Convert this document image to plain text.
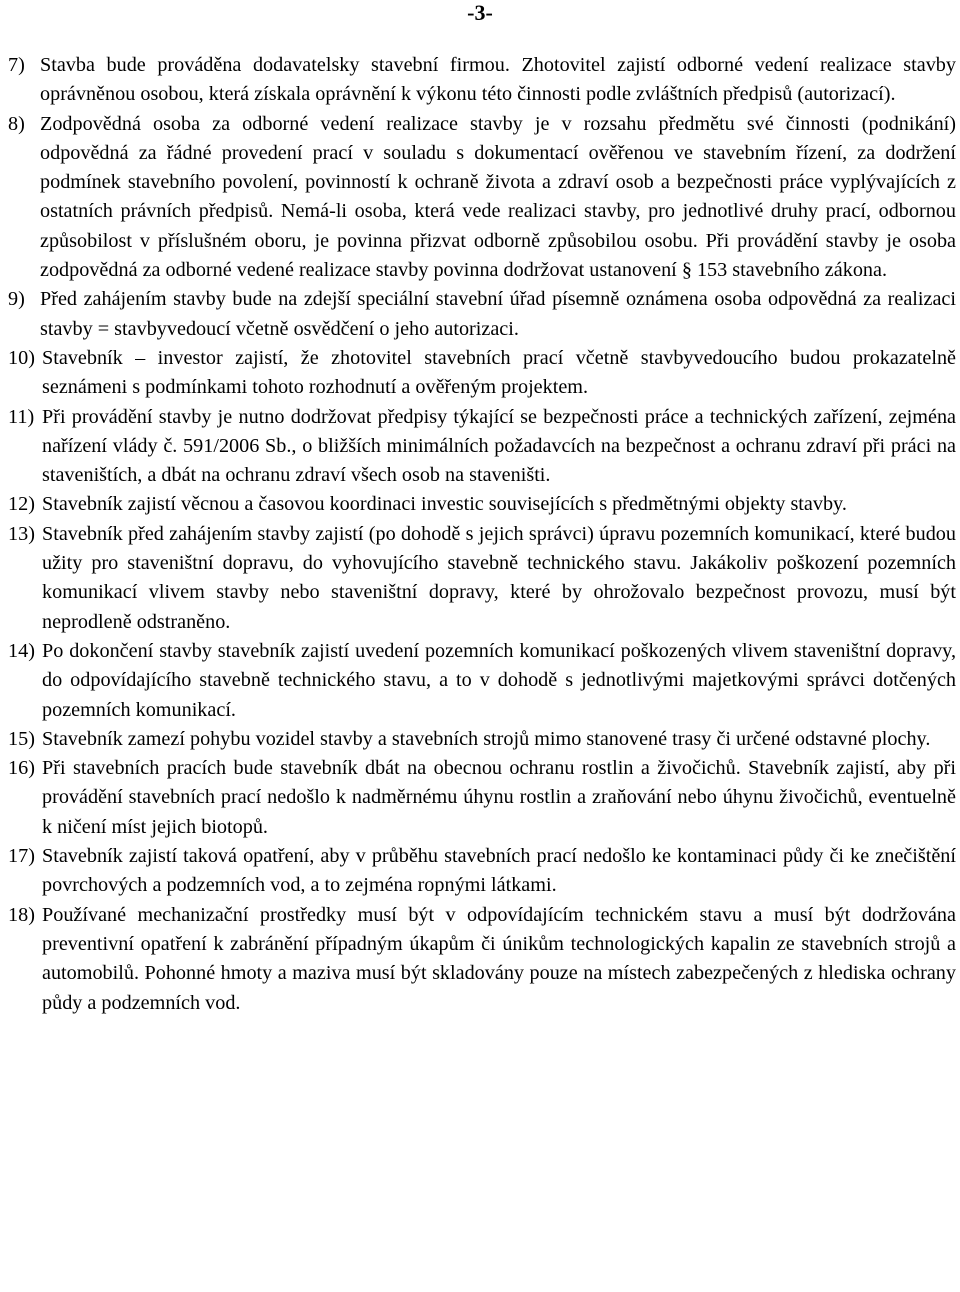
-3-
7) Stavba bude prováděna dodavatelsky stavební firmou. Zhotovitel zajistí odborné vedení realizace stavby oprávněnou osobou, která získala oprávnění k výkonu této činnosti podle zvláštních předpisů (autorizací).
8) Zodpovědná osoba za odborné vedení realizace stavby je v rozsahu předmětu své činnosti (podnikání) odpovědná za řádné provedení prací v souladu s dokumentací ověřenou ve stavebním řízení, za dodržení podmínek stavebního povolení, povinností k ochraně života a zdraví osob a bezpečnosti práce vyplývajících z ostatních právních předpisů. Nemá-li osoba, která vede realizaci stavby, pro jednotlivé druhy prací, odbornou způsobilost v příslušném oboru, je povinna přizvat odborně způsobilou osobu. Při provádění stavby je osoba zodpovědná za odborné vedené realizace stavby povinna dodržovat ustanovení § 153 stavebního zákona.
9) Před zahájením stavby bude na zdejší speciální stavební úřad písemně oznámena osoba odpovědná za realizaci stavby = stavbyvedoucí včetně osvědčení o jeho autorizaci.
10) Stavebník – investor zajistí, že zhotovitel stavebních prací včetně stavbyvedoucího budou prokazatelně seznámeni s podmínkami tohoto rozhodnutí a ověřeným projektem.
11) Při provádění stavby je nutno dodržovat předpisy týkající se bezpečnosti práce a technických zařízení, zejména nařízení vlády č. 591/2006 Sb., o bližších minimálních požadavcích na bezpečnost a ochranu zdraví při práci na staveništích, a dbát na ochranu zdraví všech osob na staveništi.
12) Stavebník zajistí věcnou a časovou koordinaci investic souvisejících s předmětnými objekty stavby.
13) Stavebník před zahájením stavby zajistí (po dohodě s jejich správci) úpravu pozemních komunikací, které budou užity pro staveništní dopravu, do vyhovujícího stavebně technického stavu. Jakákoliv poškození pozemních komunikací vlivem stavby nebo staveništní dopravy, které by ohrožovalo bezpečnost provozu, musí být neprodleně odstraněno.
14) Po dokončení stavby stavebník zajistí uvedení pozemních komunikací poškozených vlivem staveništní dopravy, do odpovídajícího stavebně technického stavu, a to v dohodě s jednotlivými majetkovými správci dotčených pozemních komunikací.
15) Stavebník zamezí pohybu vozidel stavby a stavebních strojů mimo stanovené trasy či určené odstavné plochy.
16) Při stavebních pracích bude stavebník dbát na obecnou ochranu rostlin a živočichů. Stavebník zajistí, aby při provádění stavebních prací nedošlo k nadměrnému úhynu rostlin a zraňování nebo úhynu živočichů, eventuelně k ničení míst jejich biotopů.
17) Stavebník zajistí taková opatření, aby v průběhu stavebních prací nedošlo ke kontaminaci půdy či ke znečištění povrchových a podzemních vod, a to zejména ropnými látkami.
18) Používané mechanizační prostředky musí být v odpovídajícím technickém stavu a musí být dodržována preventivní opatření k zabránění případným úkapům či únikům technologických kapalin ze stavebních strojů a automobilů. Pohonné hmoty a maziva musí být skladovány pouze na místech zabezpečených z hlediska ochrany půdy a podzemních vod.
